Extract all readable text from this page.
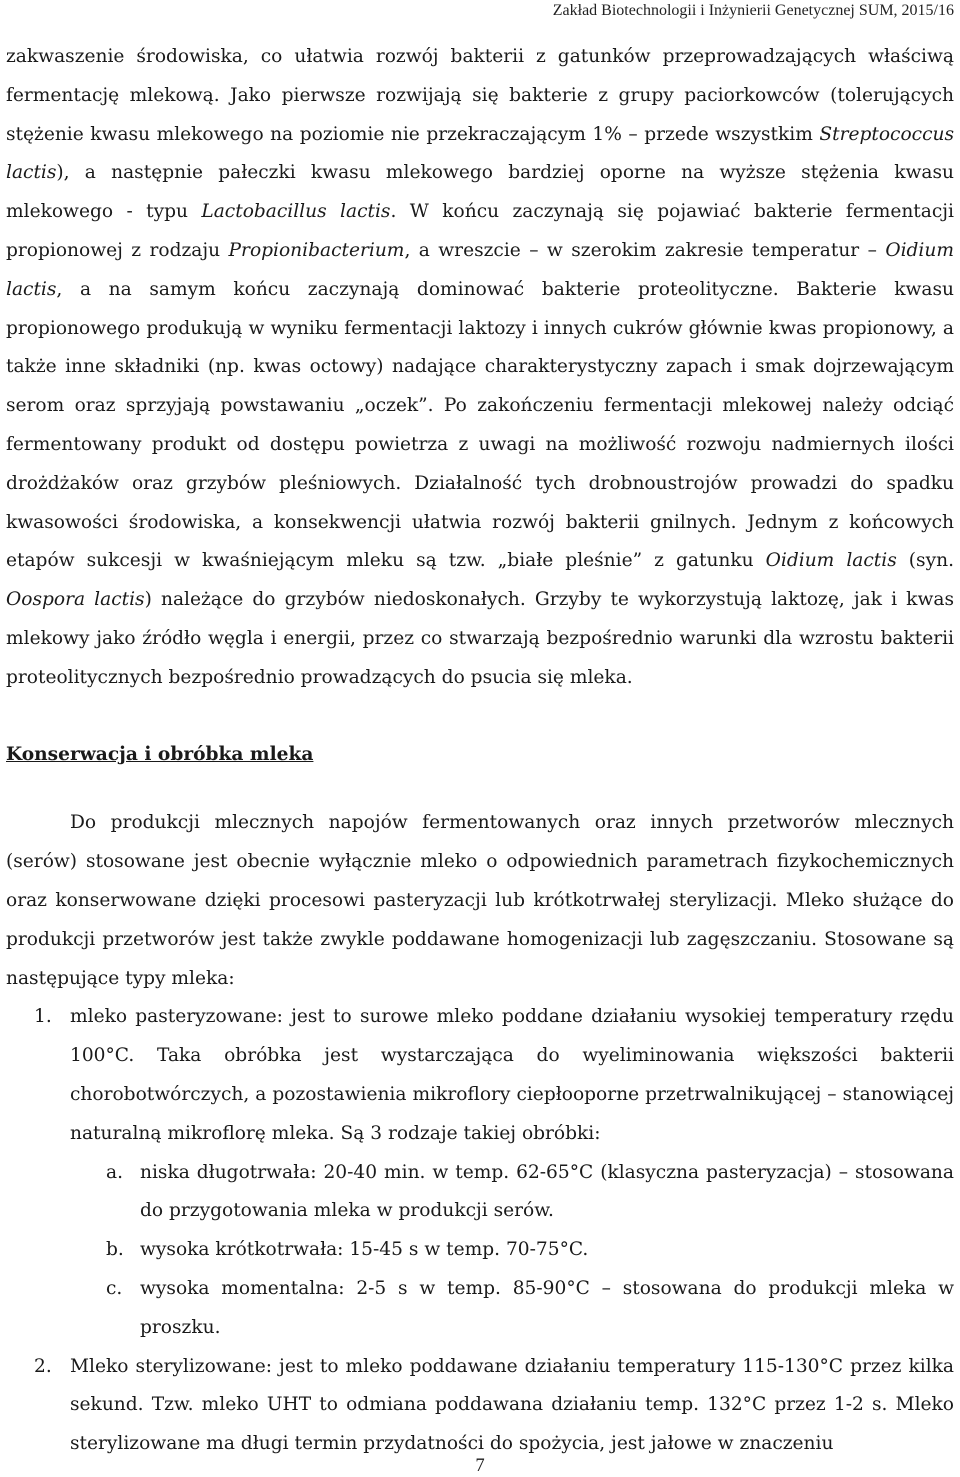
Zakład Biotechnologii i Inżynierii Genetycznej SUM, 2015/16

zakwaszenie środowiska, co ułatwia rozwój bakterii z gatunków przeprowadzających właściwą fermentację mlekową. Jako pierwsze rozwijają się bakterie z grupy paciorkowców (tolerujących stężenie kwasu mlekowego na poziomie nie przekraczającym 1% – przede wszystkim Streptococcus lactis), a następnie pałeczki kwasu mlekowego bardziej oporne na wyższe stężenia kwasu mlekowego - typu Lactobacillus lactis. W końcu zaczynają się pojawiać bakterie fermentacji propionowej z rodzaju Propionibacterium, a wreszcie – w szerokim zakresie temperatur – Oidium lactis, a na samym końcu zaczynają dominować bakterie proteolityczne. Bakterie kwasu propionowego produkują w wyniku fermentacji laktozy i innych cukrów głównie kwas propionowy, a także inne składniki (np. kwas octowy) nadające charakterystyczny zapach i smak dojrzewającym serom oraz sprzyjają powstawaniu „oczek”. Po zakończeniu fermentacji mlekowej należy odciąć fermentowany produkt od dostępu powietrza z uwagi na możliwość rozwoju nadmiernych ilości drożdżaków oraz grzybów pleśniowych. Działalność tych drobnoustrojów prowadzi do spadku kwasowości środowiska, a konsekwencji ułatwia rozwój bakterii gnilnych. Jednym z końcowych etapów sukcesji w kwaśniejącym mleku są tzw. „białe pleśnie” z gatunku Oidium lactis (syn. Oospora lactis) należące do grzybów niedoskonałych. Grzyby te wykorzystują laktozę, jak i kwas mlekowy jako źródło węgla i energii, przez co stwarzają bezpośrednio warunki dla wzrostu bakterii proteolitycznych bezpośrednio prowadzących do psucia się mleka.

Konserwacja i obróbka mleka

Do produkcji mlecznych napojów fermentowanych oraz innych przetworów mlecznych (serów) stosowane jest obecnie wyłącznie mleko o odpowiednich parametrach fizykochemicznych oraz konserwowane dzięki procesowi pasteryzacji lub krótkotrwałej sterylizacji. Mleko służące do produkcji przetworów jest także zwykle poddawane homogenizacji lub zagęszczaniu. Stosowane są następujące typy mleka:

1. mleko pasteryzowane: jest to surowe mleko poddane działaniu wysokiej temperatury rzędu 100°C. Taka obróbka jest wystarczająca do wyeliminowania większości bakterii chorobotwórczych, a pozostawienia mikroflory ciepłooporne przetrwalnikującej – stanowiącej naturalną mikroflorę mleka. Są 3 rodzaje takiej obróbki:
a. niska długotrwała: 20-40 min. w temp. 62-65°C (klasyczna pasteryzacja) – stosowana do przygotowania mleka w produkcji serów.
b. wysoka krótkotrwała: 15-45 s w temp. 70-75°C.
c. wysoka momentalna: 2-5 s w temp. 85-90°C – stosowana do produkcji mleka w proszku.
2. Mleko sterylizowane: jest to mleko poddawane działaniu temperatury 115-130°C przez kilka sekund. Tzw. mleko UHT to odmiana poddawana działaniu temp. 132°C przez 1-2 s. Mleko sterylizowane ma długi termin przydatności do spożycia, jest jałowe w znaczeniu
7
